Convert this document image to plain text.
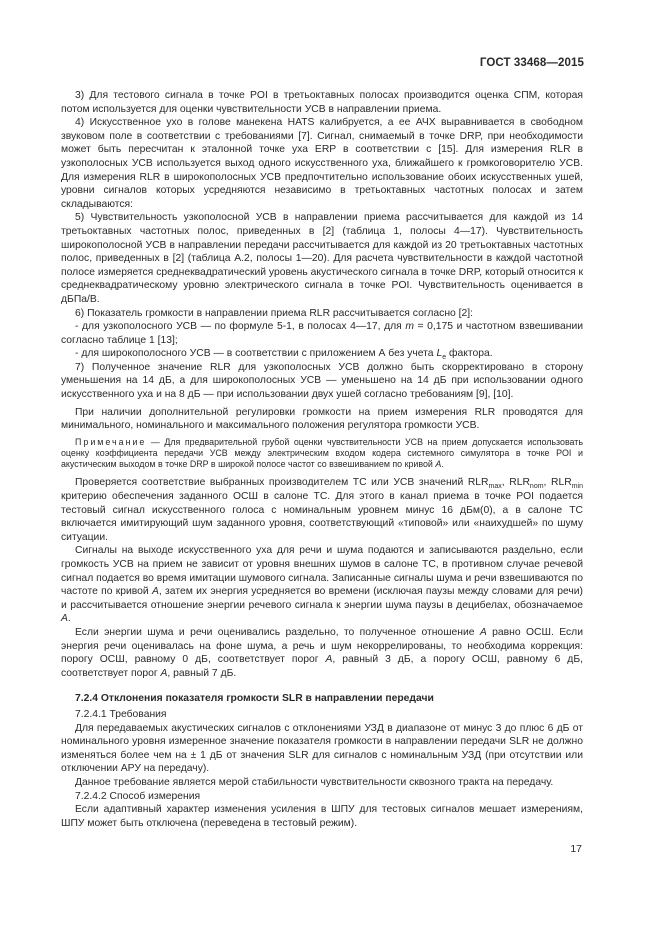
ГОСТ 33468—2015

3) Для тестового сигнала в точке POI в третьоктавных полосах производится оценка СПМ, которая потом используется для оценки чувствительности УСВ в направлении приема.

4) Искусственное ухо в голове манекена HATS калибруется, а ее АЧХ выравнивается в свободном звуковом поле в соответствии с требованиями [7]. Сигнал, снимаемый в точке DRP, при необходимости может быть пересчитан к эталонной точке уха ERP в соответствии с [15]. Для измерения RLR в узкополосных УСВ используется выход одного искусственного уха, ближайшего к громкоговорителю УСВ. Для измерения RLR в широкополосных УСВ предпочтительно использование обоих искусственных ушей, уровни сигналов которых усредняются независимо в третьоктавных частотных полосах и затем складываются:

5) Чувствительность узкополосной УСВ в направлении приема рассчитывается для каждой из 14 третьоктавных частотных полос, приведенных в [2] (таблица 1, полосы 4—17). Чувствительность широкополосной УСВ в направлении передачи рассчитывается для каждой из 20 третьоктавных частотных полос, приведенных в [2] (таблица А.2, полосы 1—20). Для расчета чувствительности в каждой частотной полосе измеряется среднеквадратический уровень акустического сигнала в точке DRP, который относится к среднеквадратическому уровню электрического сигнала в точке POI. Чувствительность оценивается в дБПа/В.

6) Показатель громкости в направлении приема RLR рассчитывается согласно [2]:

- для узкополосного УСВ — по формуле 5-1, в полосах 4—17, для m = 0,175 и частотном взвешивании согласно таблице 1 [13];

- для широкополосного УСВ — в соответствии с приложением А без учета $L_e$ фактора.

7) Полученное значение RLR для узкополосных УСВ должно быть скорректировано в сторону уменьшения на 14 дБ, а для широкополосных УСВ — уменьшено на 14 дБ при использовании одного искусственного уха и на 8 дБ — при использовании двух ушей согласно требованиям [9], [10].

При наличии дополнительной регулировки громкости на прием измерения RLR проводятся для минимального, номинального и максимального положения регулятора громкости УСВ.

Примечание — Для предварительной грубой оценки чувствительности УСВ на прием допускается использовать оценку коэффициента передачи УСВ между электрическим входом кодера системного симулятора в точке POI и акустическим выходом в точке DRP в широкой полосе частот со взвешиванием по кривой A.

Проверяется соответствие выбранных производителем ТС или УСВ значений $RLR_{max}$, $RLR_{nom}$, $RLR_{min}$ критерию обеспечения заданного ОСШ в салоне ТС. Для этого в канал приема в точке POI подается тестовый сигнал искусственного голоса с номинальным уровнем минус 16 дБм(0), а в салоне ТС включается имитирующий шум заданного уровня, соответствующий «типовой» или «наихудшей» по шуму ситуации.

Сигналы на выходе искусственного уха для речи и шума подаются и записываются раздельно, если громкость УСВ на прием не зависит от уровня внешних шумов в салоне ТС, в противном случае речевой сигнал подается во время имитации шумового сигнала. Записанные сигналы шума и речи взвешиваются по частоте по кривой A, затем их энергия усредняется во времени (исключая паузы между словами для речи) и рассчитывается отношение энергии речевого сигнала к энергии шума паузы в децибелах, обозначаемое A.

Если энергии шума и речи оценивались раздельно, то полученное отношение A равно ОСШ. Если энергия речи оценивалась на фоне шума, а речь и шум некоррелированы, то необходима коррекция: порогу ОСШ, равному 0 дБ, соответствует порог A, равный 3 дБ, а порогу ОСШ, равному 6 дБ, соответствует порог A, равный 7 дБ.

7.2.4 Отклонения показателя громкости SLR в направлении передачи

7.2.4.1 Требования

Для передаваемых акустических сигналов с отклонениями УЗД в диапазоне от минус 3 до плюс 6 дБ от номинального уровня измеренное значение показателя громкости в направлении передачи SLR не должно изменяться более чем на ± 1 дБ от значения SLR для сигналов с номинальным УЗД (при отсутствии или отключении АРУ на передачу).

Данное требование является мерой стабильности чувствительности сквозного тракта на передачу.

7.2.4.2 Способ измерения

Если адаптивный характер изменения усиления в ШПУ для тестовых сигналов мешает измерениям, ШПУ может быть отключена (переведена в тестовый режим).

17
